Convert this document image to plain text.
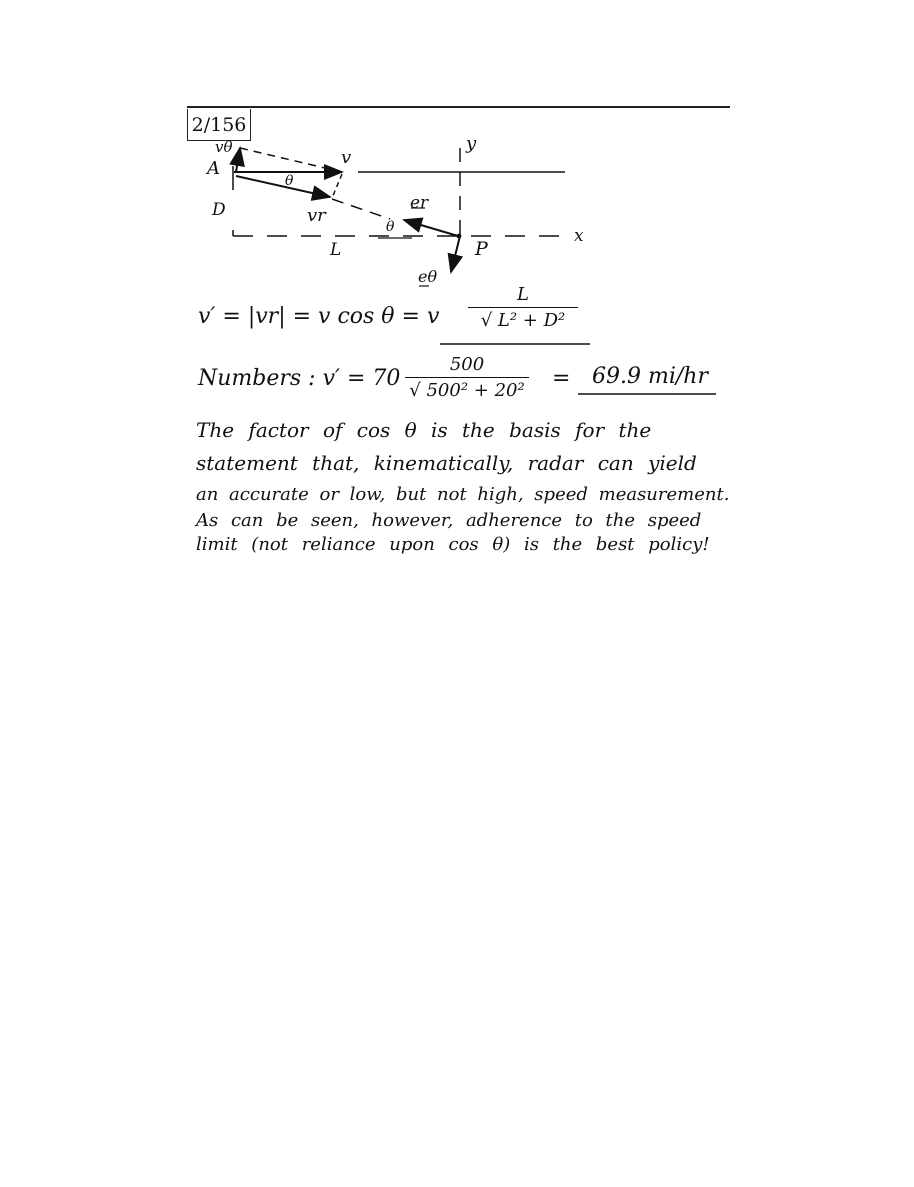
2/156
A
D
L	P
x
y
v
vθ
vr
θ
θ
er
eθ
v′ = |vr| = v cos θ = v
L
√ L² + D²
Numbers : v′ = 70
500
√ 500² + 20² = 69.9 mi/hr
The factor of cos θ is the basis for the
statement that, kinematically, radar can yield
an accurate or low, but not high, speed measurement.
As can be seen, however, adherence to the speed
limit (not reliance upon cos θ) is the best policy!
